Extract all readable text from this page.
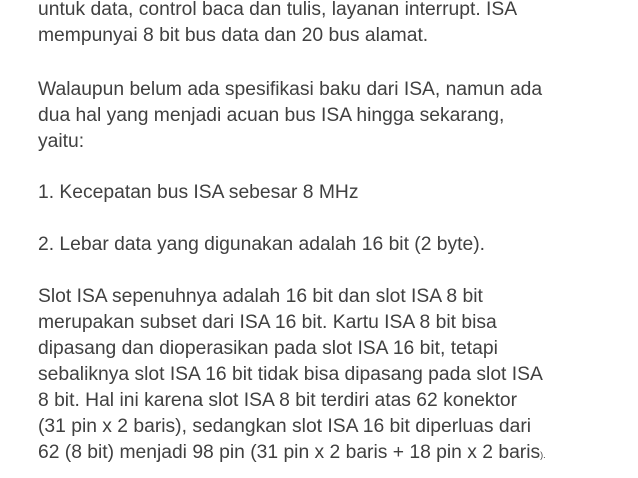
untuk data, control baca dan tulis, layanan interrupt. ISA
mempunyai 8 bit bus data dan 20 bus alamat.

Walaupun belum ada spesifikasi baku dari ISA, namun ada
dua hal yang menjadi acuan bus ISA hingga sekarang,
yaitu:

1. Kecepatan bus ISA sebesar 8 MHz

2. Lebar data yang digunakan adalah 16 bit (2 byte).

Slot ISA sepenuhnya adalah 16 bit dan slot ISA 8 bit
merupakan subset dari ISA 16 bit. Kartu ISA 8 bit bisa
dipasang dan dioperasikan pada slot ISA 16 bit, tetapi
sebaliknya slot ISA 16 bit tidak bisa dipasang pada slot ISA
8 bit. Hal ini karena slot ISA 8 bit terdiri atas 62 konektor
(31 pin x 2 baris), sedangkan slot ISA 16 bit diperluas dari
62 (8 bit) menjadi 98 pin (31 pin x 2 baris + 18 pin x 2 baris).
